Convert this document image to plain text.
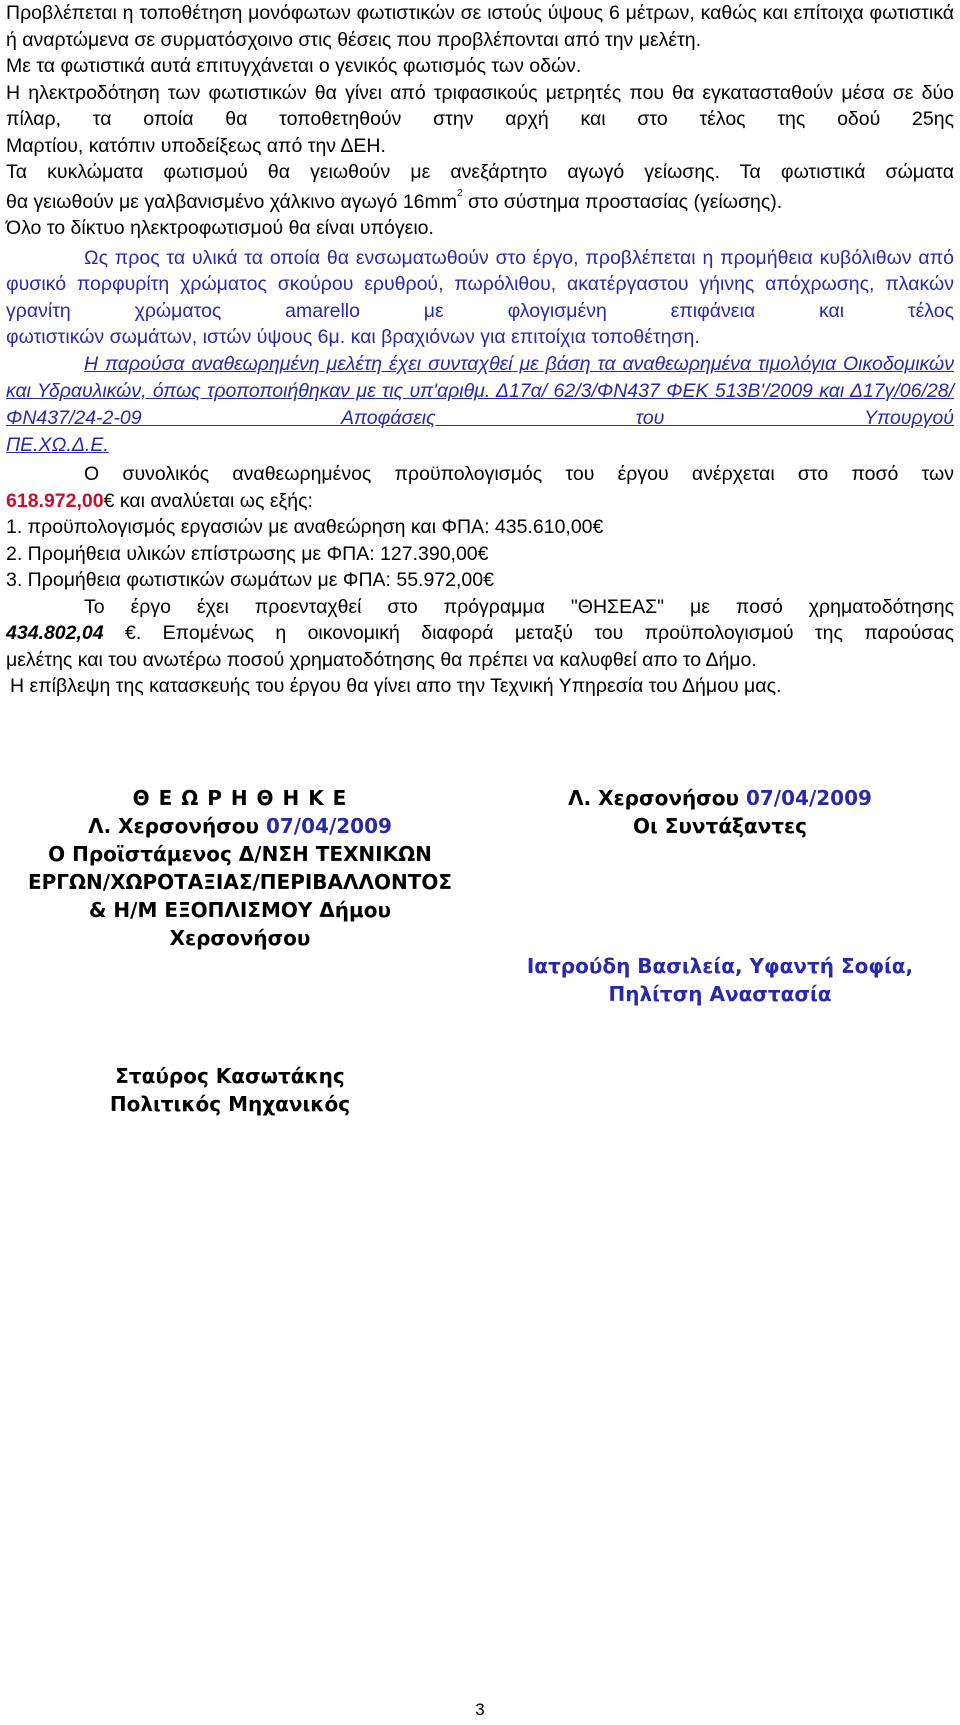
Προβλέπεται η τοποθέτηση μονόφωτων φωτιστικών σε ιστούς ύψους 6 μέτρων, καθώς και επίτοιχα φωτιστικά ή αναρτώμενα σε συρματόσχοινο στις θέσεις που προβλέπονται από την μελέτη.

Με τα φωτιστικά αυτά επιτυγχάνεται ο γενικός φωτισμός των οδών.

Η ηλεκτροδότηση των φωτιστικών θα γίνει από τριφασικούς μετρητές που θα εγκατασταθούν μέσα σε δύο πίλαρ, τα οποία θα τοποθετηθούν στην αρχή και στο τέλος της οδού 25ης

Μαρτίου, κατόπιν υποδείξεως από την ΔΕΗ.

Τα κυκλώματα φωτισμού θα γειωθούν με ανεξάρτητο αγωγό γείωσης. Τα φωτιστικά σώματα

θα γειωθούν με γαλβανισμένο χάλκινο αγωγό $16mm^2$ στο σύστημα προστασίας (γείωσης).

Όλο το δίκτυο ηλεκτροφωτισμού θα είναι υπόγειο.

Ως προς τα υλικά τα οποία θα ενσωματωθούν στο έργο, προβλέπεται η προμήθεια κυβόλιθων από φυσικό πορφυρίτη χρώματος σκούρου ερυθρού, πωρόλιθου, ακατέργαστου γήινης απόχρωσης, πλακών γρανίτη χρώματος amarello με φλογισμένη επιφάνεια και τέλος

φωτιστικών σωμάτων, ιστών ύψους 6μ. και βραχιόνων για επιτοίχια τοποθέτηση.

Η παρούσα αναθεωρημένη μελέτη έχει συνταχθεί με βάση τα αναθεωρημένα τιμολόγια Οικοδομικών και Υδραυλικών, όπως τροποποιήθηκαν με τις υπ'αριθμ. Δ17α/ 62/3/ΦΝ437 ΦΕΚ 513Β'/2009 και Δ17γ/06/28/ΦΝ437/24-2-09 Αποφάσεις του Υπουργού

ΠΕ.ΧΩ.Δ.Ε.

Ο συνολικός αναθεωρημένος προϋπολογισμός του έργου ανέρχεται στο ποσό των

618.972,00€ και αναλύεται ως εξής:

1. προϋπολογισμός εργασιών με αναθεώρηση και ΦΠΑ: 435.610,00€

2. Προμήθεια υλικών επίστρωσης με ΦΠΑ: 127.390,00€

3. Προμήθεια φωτιστικών σωμάτων με ΦΠΑ: 55.972,00€

Το έργο έχει προενταχθεί στο πρόγραμμα "ΘΗΣΕΑΣ" με ποσό χρηματοδότησης

434.802,04 €. Επομένως η οικονομική διαφορά μεταξύ του προϋπολογισμού της παρούσας

μελέτης και του ανωτέρω ποσού χρηματοδότησης θα πρέπει να καλυφθεί απο το Δήμο.

Η επίβλεψη της κατασκευής του έργου θα γίνει απο την Τεχνική Υπηρεσία του Δήμου μας.

Θ Ε Ω Ρ Η Θ Η Κ Ε
Λ. Χερσονήσου 07/04/2009
Ο Προϊστάμενος Δ/ΝΣΗ ΤΕΧΝΙΚΩΝ
ΕΡΓΩΝ/ΧΩΡΟΤΑΞΙΑΣ/ΠΕΡΙΒΑΛΛΟΝΤΟΣ
& Η/Μ ΕΞΟΠΛΙΣΜΟΥ Δήμου
Χερσονήσου
Σταύρος Κασωτάκης
Πολιτικός Μηχανικός
Λ. Χερσονήσου 07/04/2009
Οι Συντάξαντες
Ιατρούδη Βασιλεία, Υφαντή Σοφία,
Πηλίτση Αναστασία
3
